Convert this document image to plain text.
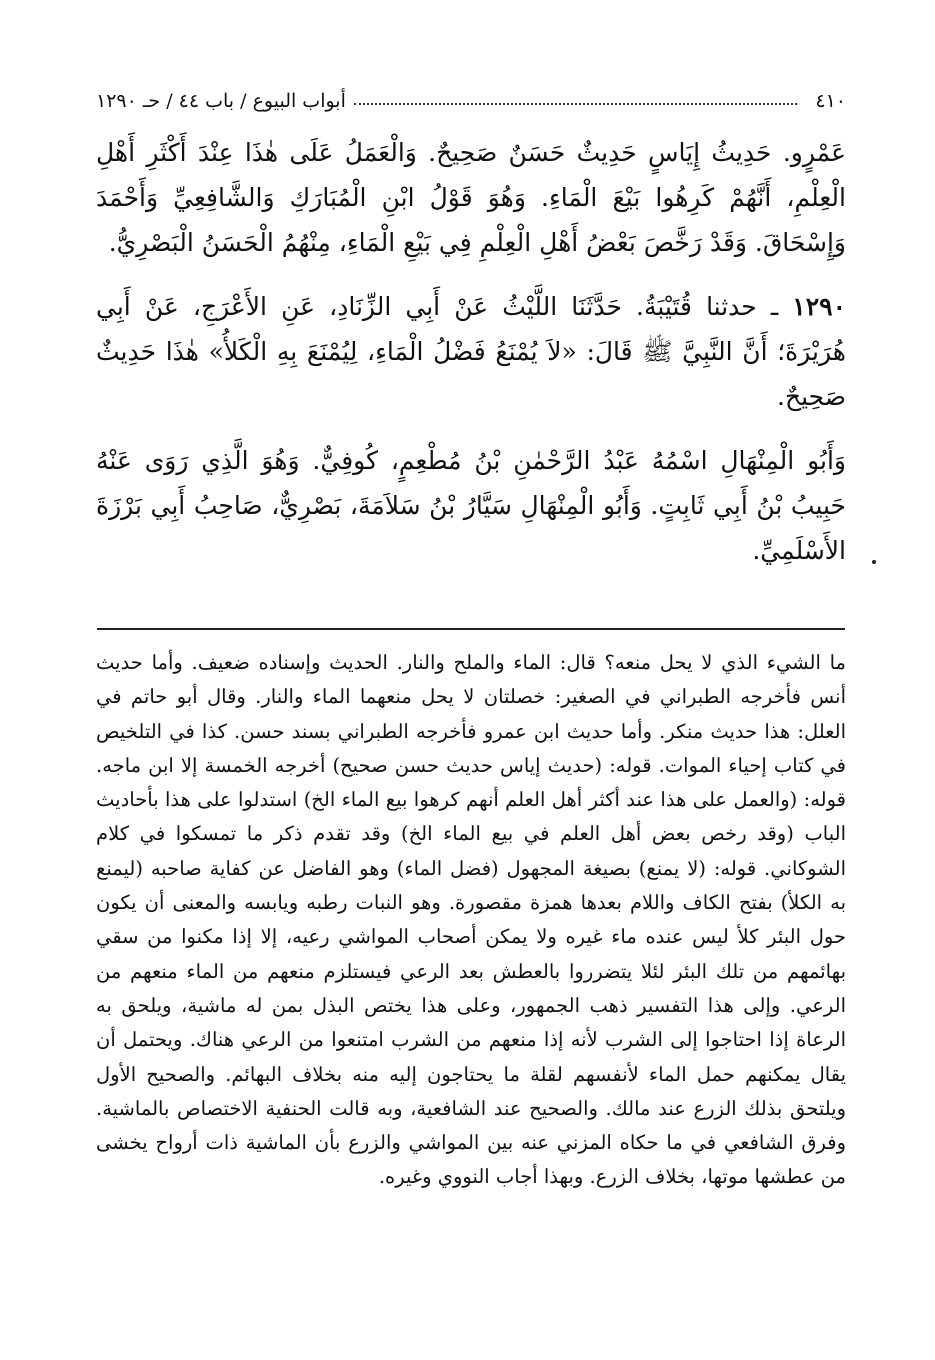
٤١٠
أبواب البيوع / باب ٤٤ / حـ ١٢٩٠

عَمْرٍو. حَدِيثُ إِيَاسٍ حَدِيثٌ حَسَنٌ صَحِيحٌ. وَالْعَمَلُ عَلَى هٰذَا عِنْدَ أَكْثَرِ أَهْلِ الْعِلْمِ، أَنَّهُمْ كَرِهُوا بَيْعَ الْمَاءِ. وَهُوَ قَوْلُ ابْنِ الْمُبَارَكِ وَالشَّافِعِيِّ وَأَحْمَدَ وَإِسْحَاقَ. وَقَدْ رَخَّصَ بَعْضُ أَهْلِ الْعِلْمِ فِي بَيْعِ الْمَاءِ، مِنْهُمُ الْحَسَنُ الْبَصْرِيُّ.

١٢٩٠ ـ حدثنا قُتَيْبَةُ. حَدَّثَنَا اللَّيْثُ عَنْ أَبِي الزِّنَادِ، عَنِ الأَعْرَجِ، عَنْ أَبِي هُرَيْرَةَ؛ أَنَّ النَّبِيَّ ﷺ قَالَ: «لاَ يُمْنَعُ فَضْلُ الْمَاءِ، لِيُمْنَعَ بِهِ الْكَلأُ» هٰذَا حَدِيثٌ صَحِيحٌ.

وَأَبُو الْمِنْهَالِ اسْمُهُ عَبْدُ الرَّحْمٰنِ بْنُ مُطْعِمٍ، كُوفِيٌّ. وَهُوَ الَّذِي رَوَى عَنْهُ حَبِيبُ بْنُ أَبِي ثَابِتٍ. وَأَبُو الْمِنْهَالِ سَيَّارُ بْنُ سَلاَمَةَ، بَصْرِيٌّ، صَاحِبُ أَبِي بَرْزَةَ الأَسْلَمِيِّ.

ما الشيء الذي لا يحل منعه؟ قال: الماء والملح والنار. الحديث وإسناده ضعيف. وأما حديث أنس فأخرجه الطبراني في الصغير: خصلتان لا يحل منعهما الماء والنار. وقال أبو حاتم في العلل: هذا حديث منكر. وأما حديث ابن عمرو فأخرجه الطبراني بسند حسن. كذا في التلخيص في كتاب إحياء الموات. قوله: (حديث إياس حديث حسن صحيح) أخرجه الخمسة إلا ابن ماجه. قوله: (والعمل على هذا عند أكثر أهل العلم أنهم كرهوا بيع الماء الخ) استدلوا على هذا بأحاديث الباب (وقد رخص بعض أهل العلم في بيع الماء الخ) وقد تقدم ذكر ما تمسكوا في كلام الشوكاني. قوله: (لا يمنع) بصيغة المجهول (فضل الماء) وهو الفاضل عن كفاية صاحبه (ليمنع به الكلأ) بفتح الكاف واللام بعدها همزة مقصورة. وهو النبات رطبه ويابسه والمعنى أن يكون حول البئر كلأ ليس عنده ماء غيره ولا يمكن أصحاب المواشي رعيه، إلا إذا مكنوا من سقي بهائمهم من تلك البئر لئلا يتضرروا بالعطش بعد الرعي فيستلزم منعهم من الماء منعهم من الرعي. وإلى هذا التفسير ذهب الجمهور، وعلى هذا يختص البذل بمن له ماشية، ويلحق به الرعاة إذا احتاجوا إلى الشرب لأنه إذا منعهم من الشرب امتنعوا من الرعي هناك. ويحتمل أن يقال يمكنهم حمل الماء لأنفسهم لقلة ما يحتاجون إليه منه بخلاف البهائم. والصحيح الأول ويلتحق بذلك الزرع عند مالك. والصحيح عند الشافعية، وبه قالت الحنفية الاختصاص بالماشية. وفرق الشافعي في ما حكاه المزني عنه بين المواشي والزرع بأن الماشية ذات أرواح يخشى من عطشها موتها، بخلاف الزرع. وبهذا أجاب النووي وغيره.
